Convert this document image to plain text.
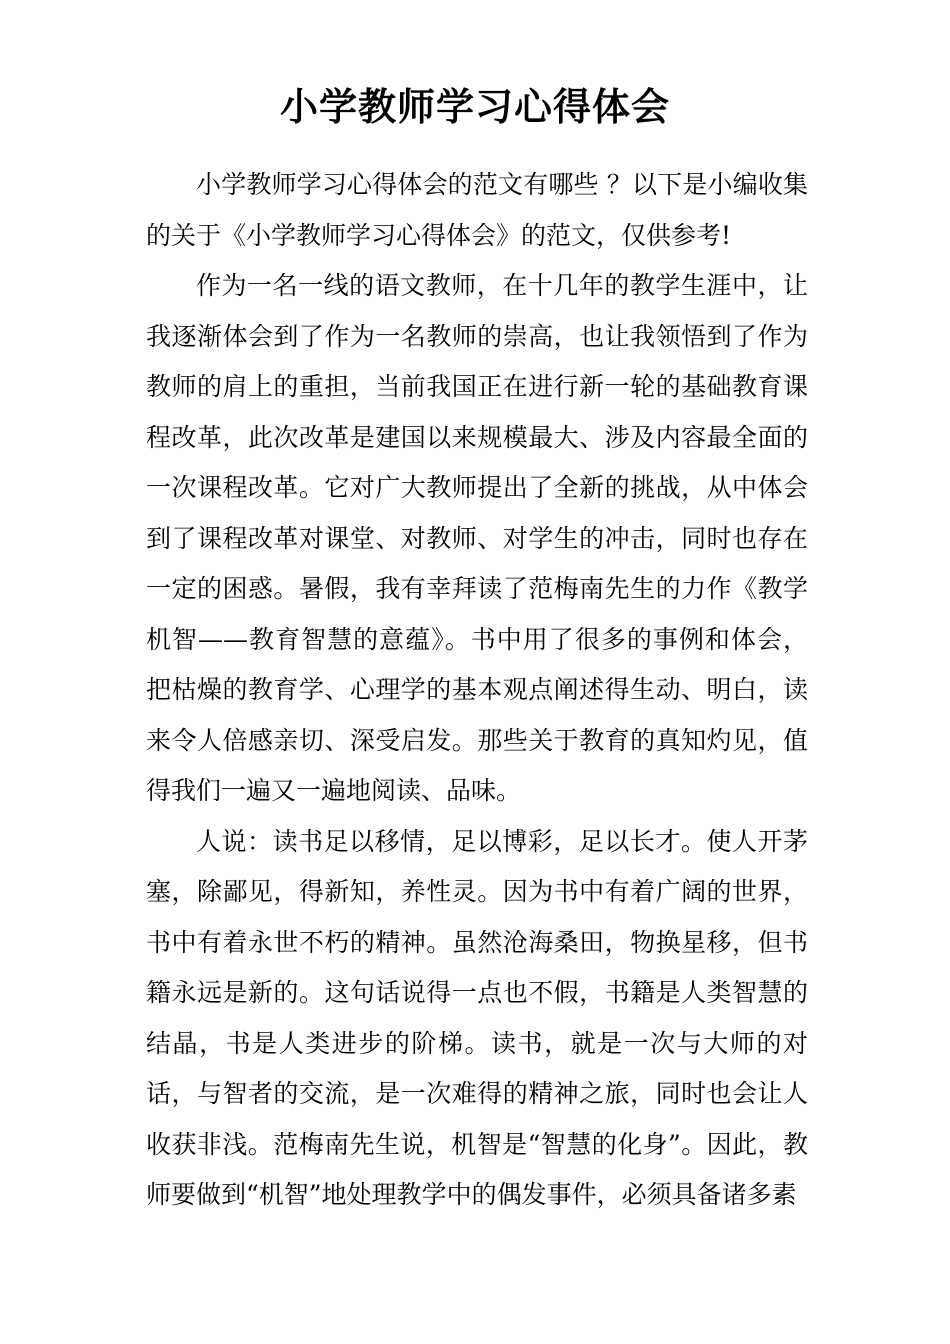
小学教师学习心得体会

小学教师学习心得体会的范文有哪些 ？以下是小编收集的关于《小学教师学习心得体会》的范文，仅供参考!

作为一名一线的语文教师，在十几年的教学生涯中，让我逐渐体会到了作为一名教师的崇高，也让我领悟到了作为教师的肩上的重担，当前我国正在进行新一轮的基础教育课程改革，此次改革是建国以来规模最大、涉及内容最全面的一次课程改革。它对广大教师提出了全新的挑战，从中体会到了课程改革对课堂、对教师、对学生的冲击，同时也存在一定的困惑。暑假，我有幸拜读了范梅南先生的力作《教学机智——教育智慧的意蕴》。书中用了很多的事例和体会，把枯燥的教育学、心理学的基本观点阐述得生动、明白，读来令人倍感亲切、深受启发。那些关于教育的真知灼见，值得我们一遍又一遍地阅读、品味。

人说：读书足以移情，足以博彩，足以长才。使人开茅塞，除鄙见，得新知，养性灵。因为书中有着广阔的世界，书中有着永世不朽的精神。虽然沧海桑田，物换星移，但书籍永远是新的。这句话说得一点也不假，书籍是人类智慧的结晶，书是人类进步的阶梯。读书，就是一次与大师的对话，与智者的交流，是一次难得的精神之旅，同时也会让人收获非浅。范梅南先生说，机智是“智慧的化身”。因此，教师要做到“机智”地处理教学中的偶发事件，必须具备诸多素
